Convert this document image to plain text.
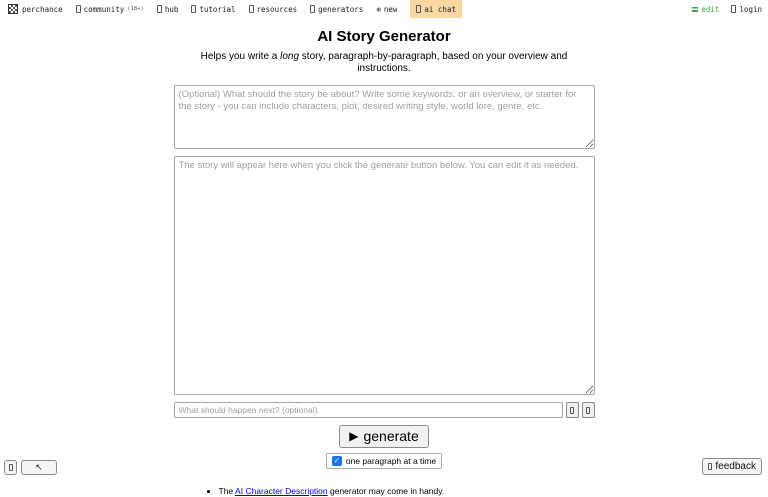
perchance	community (18+)	hub	tutorial	resources	generators ⊕ new	ai chat	edit	login
AI Story Generator
Helps you write a long story, paragraph-by-paragraph, based on your overview and instructions.
(Optional) What should the story be about? Write some keywords, or an overview, or starter for the story - you can include characters, plot, desired writing style, world lore, genre, etc.
The story will appear here when you click the generate button below. You can edit it as needed.
What should happen next? (optional)
▶ generate
✓ one paragraph at a time
• The AI Character Description generator may come in handy.
↖	feedback
